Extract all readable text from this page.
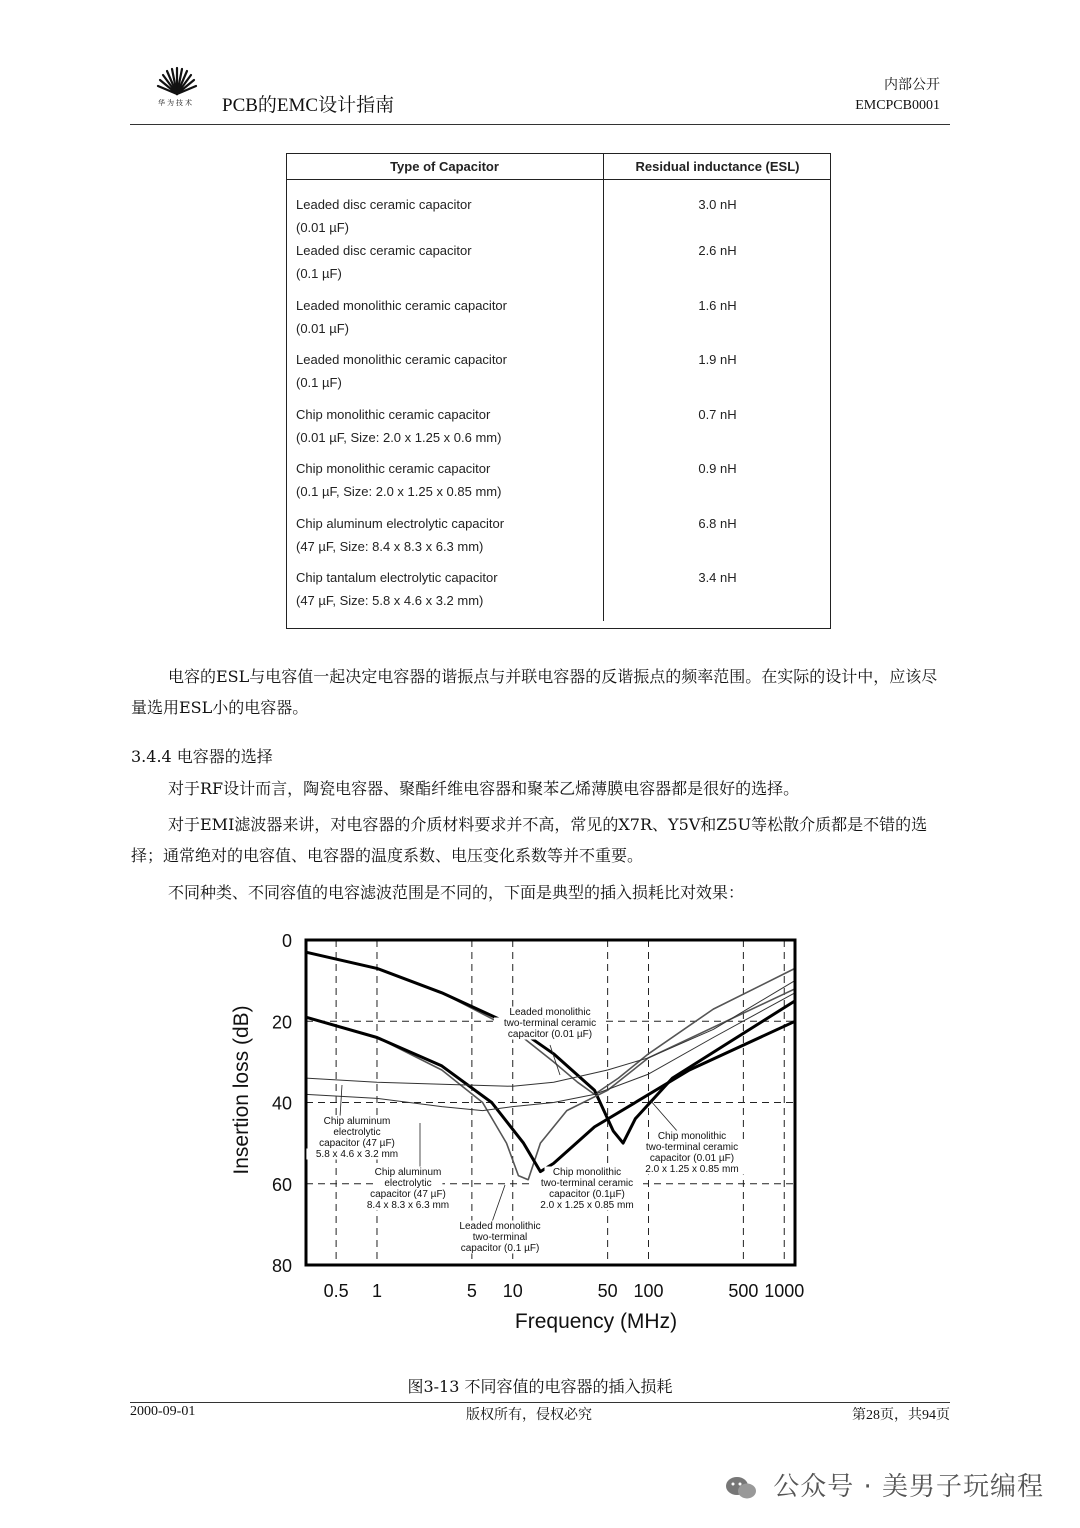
华为技术 PCB的EMC设计指南
内部公开
EMCPCB0001
Type of Capacitor	Residual inductance (ESL)

Leaded disc ceramic capacitor
(0.01 µF)	3.0 nH

Leaded disc ceramic capacitor
(0.1 µF)	2.6 nH

Leaded monolithic ceramic capacitor
(0.01 µF)	1.6 nH

Leaded monolithic ceramic capacitor
(0.1 µF)	1.9 nH

Chip monolithic ceramic capacitor
(0.01 µF, Size: 2.0 x 1.25 x 0.6 mm)	0.7 nH

Chip monolithic ceramic capacitor
(0.1 µF, Size: 2.0 x 1.25 x 0.85 mm)	0.9 nH

Chip aluminum electrolytic capacitor
(47 µF, Size: 8.4 x 8.3 x 6.3 mm)	6.8 nH

Chip tantalum electrolytic capacitor
(47 µF, Size: 5.8 x 4.6 x 3.2 mm)	3.4 nH
电容的ESL与电容值一起决定电容器的谐振点与并联电容器的反谐振点的频率范围。在实际的设计中，应该尽量选用ESL小的电容器。
3.4.4 电容器的选择
对于RF设计而言，陶瓷电容器、聚酯纤维电容器和聚苯乙烯薄膜电容器都是很好的选择。
对于EMI滤波器来讲，对电容器的介质材料要求并不高，常见的X7R、Y5V和Z5U等松散介质都是不错的选择；通常绝对的电容值、电容器的温度系数、电压变化系数等并不重要。
不同种类、不同容值的电容滤波范围是不同的，下面是典型的插入损耗比对效果：
0
20
40
60
80
0.5 1	5 10	50 100	500 1000
Frequency (MHz)
Insertion loss (dB)	Leaded monolithic
two-terminal ceramic
capacitor (0.01 µF)
Chip monolithic
two-terminal ceramic
capacitor (0.01 µF)
2.0 x 1.25 x 0.85 mm
Leaded monolithic
two-terminal
capacitor (0.1 µF)
Chip monolithic
two-terminal ceramic
capacitor (0.1µF)
2.0 x 1.25 x 0.85 mm
Chip aluminum
electrolytic
capacitor (47 µF)
5.8 x 4.6 x 3.2 mm
Chip aluminum
electrolytic
capacitor (47 µF)
8.4 x 8.3 x 6.3 mm
图3-13 不同容值的电容器的插入损耗
2000-09-01	版权所有，侵权必究	第28页，共94页
公众号 · 美男子玩编程
